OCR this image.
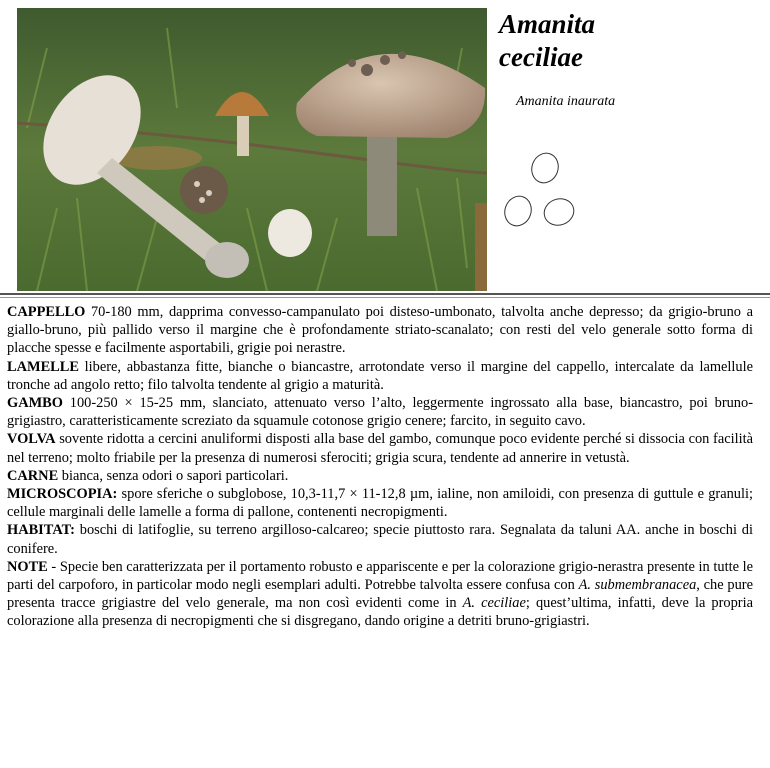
Amanita
ceciliae
Amanita inaurata

CAPPELLO 70-180 mm, dapprima convesso-campanulato poi disteso-umbonato, talvolta anche depresso; da grigio-bruno a giallo-bruno, più pallido verso il margine che è profondamente striato-scanalato; con resti del velo generale sotto forma di placche spesse e facilmente asportabili, grigie poi nerastre.

LAMELLE libere, abbastanza fitte, bianche o biancastre, arrotondate verso il margine del cappello, intercalate da lamellule tronche ad angolo retto; filo talvolta tendente al grigio a maturità.

GAMBO 100-250 × 15-25 mm, slanciato, attenuato verso l’alto, leggermente ingrossato alla base, biancastro, poi bruno-grigiastro, caratteristicamente screziato da squamule cotonose grigio cenere; farcito, in seguito cavo.

VOLVA sovente ridotta a cercini anuliformi disposti alla base del gambo, comunque poco evidente perché si dissocia con facilità nel terreno; molto friabile per la presenza di numerosi sferociti; grigia scura, tendente ad annerire in vetustà.

CARNE bianca, senza odori o sapori particolari.

MICROSCOPIA: spore sferiche o subglobose, 10,3-11,7 × 11-12,8 µm, ialine, non amiloidi, con presenza di guttule e granuli; cellule marginali delle lamelle a forma di pallone, contenenti necropigmenti.

HABITAT: boschi di latifoglie, su terreno argilloso-calcareo; specie piuttosto rara. Segnalata da taluni AA. anche in boschi di conifere.

NOTE - Specie ben caratterizzata per il portamento robusto e appariscente e per la colorazione grigio-nerastra presente in tutte le parti del carpoforo, in particolar modo negli esemplari adulti. Potrebbe talvolta essere confusa con A. submembranacea, che pure presenta tracce grigiastre del velo generale, ma non così evidenti come in A. ceciliae; quest’ultima, infatti, deve la propria colorazione alla presenza di necropigmenti che si disgregano, dando origine a detriti bruno-grigiastri.
